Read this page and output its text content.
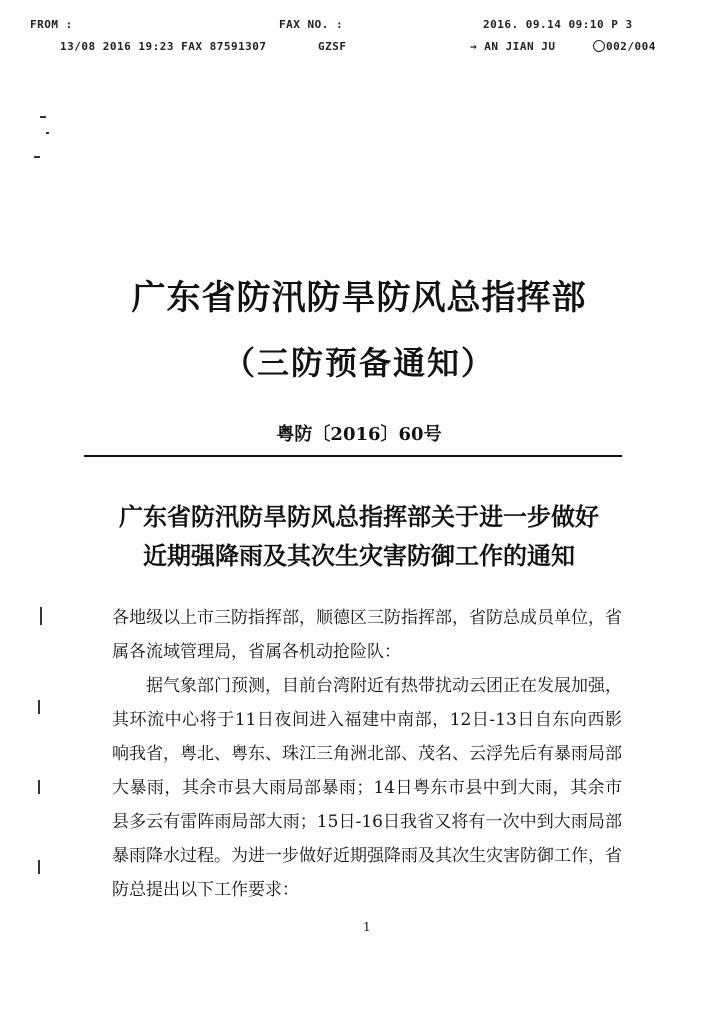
FROM :	FAX NO. :	2016. 09.14 09:10 P 3
13/08 2016 19:23 FAX 87591307	GZSF	→ AN JIAN JU	002/004
广东省防汛防旱防风总指挥部
（三防预备通知）
粤防〔2016〕60号
广东省防汛防旱防风总指挥部关于进一步做好
近期强降雨及其次生灾害防御工作的通知

各地级以上市三防指挥部，顺德区三防指挥部，省防总成员单位，省属各流域管理局，省属各机动抢险队：

据气象部门预测，目前台湾附近有热带扰动云团正在发展加强，其环流中心将于11日夜间进入福建中南部，12日-13日自东向西影响我省，粤北、粤东、珠江三角洲北部、茂名、云浮先后有暴雨局部大暴雨，其余市县大雨局部暴雨；14日粤东市县中到大雨，其余市县多云有雷阵雨局部大雨；15日-16日我省又将有一次中到大雨局部暴雨降水过程。为进一步做好近期强降雨及其次生灾害防御工作，省防总提出以下工作要求：

1
